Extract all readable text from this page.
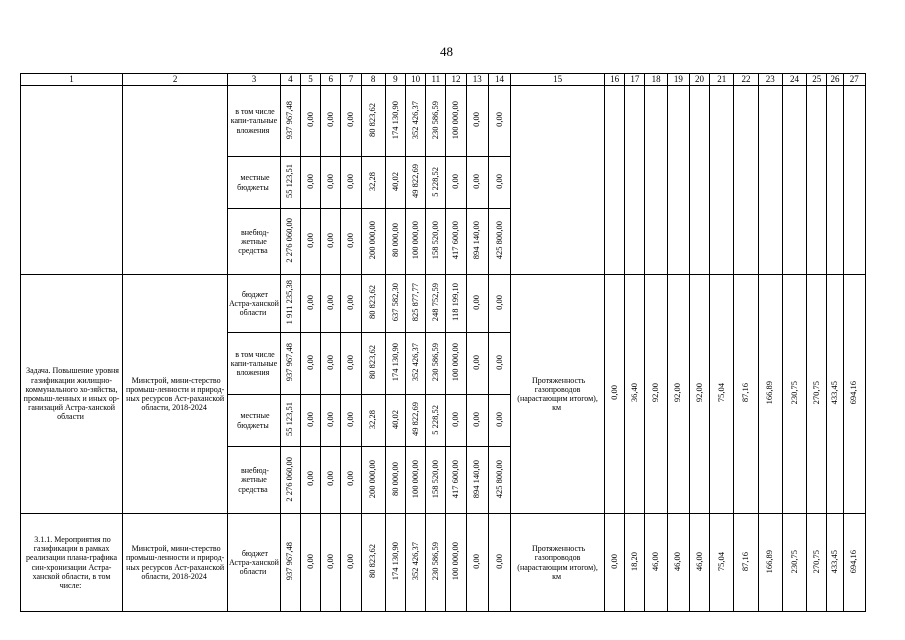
48
1	2	3	4	5	6	7	8	9	10	11	12	13	14	15	16	17	18	19	20	21	22	23	24	25	26	27
		в том числе капи-тальные вложения	937 967,48	0,00	0,00	0,00	80 823,62	174 130,90	352 426,37	230 586,59	100 000,00	0,00	0,00													
		местные бюджеты	55 123,51	0,00	0,00	0,00	32,28	40,02	49 822,69	5 228,52	0,00	0,00	0,00													
		внебюд-жетные средства	2 276 060,00	0,00	0,00	0,00	200 000,00	80 000,00	100 000,00	158 520,00	417 600,00	894 140,00	425 800,00													
Задача. Повышение уровня газификации жилищно-коммунального хо-зяйства, промыш-ленных и иных ор-ганизаций Астра-ханской области	Минстрой, мини-стерство промыш-ленности и природ-ных ресурсов Аст-раханской области, 2018-2024	бюджет Астра-ханской области	1 911 235,38	0,00	0,00	0,00	80 823,62	637 582,30	825 877,77	248 752,59	118 199,10	0,00	0,00	Протяженность газопроводов (нарастающим итогом), км	0,00	36,40	92,00	92,00	92,00	75,04	87,16	166,89	230,75	270,75	433,45	694,16
		в том числе капи-тальные вложения	937 967,48	0,00	0,00	0,00	80 823,62	174 130,90	352 426,37	230 586,59	100 000,00	0,00	0,00													
		местные бюджеты	55 123,51	0,00	0,00	0,00	32,28	40,02	49 822,69	5 228,52	0,00	0,00	0,00													
		внебюд-жетные средства	2 276 060,00	0,00	0,00	0,00	200 000,00	80 000,00	100 000,00	158 520,00	417 600,00	894 140,00	425 800,00													
3.1.1. Мероприятия по газификации в рамках реализации плана-графика син-хронизации Астра-ханской области, в том числе:	Минстрой, мини-стерство промыш-ленности и природ-ных ресурсов Аст-раханской области, 2018-2024	бюджет Астра-ханской области	937 967,48	0,00	0,00	0,00	80 823,62	174 130,90	352 426,37	230 586,59	100 000,00	0,00	0,00	Протяженность газопроводов (нарастающим итогом), км	0,00	18,20	46,00	46,00	46,00	75,04	87,16	166,89	230,75	270,75	433,45	694,16
